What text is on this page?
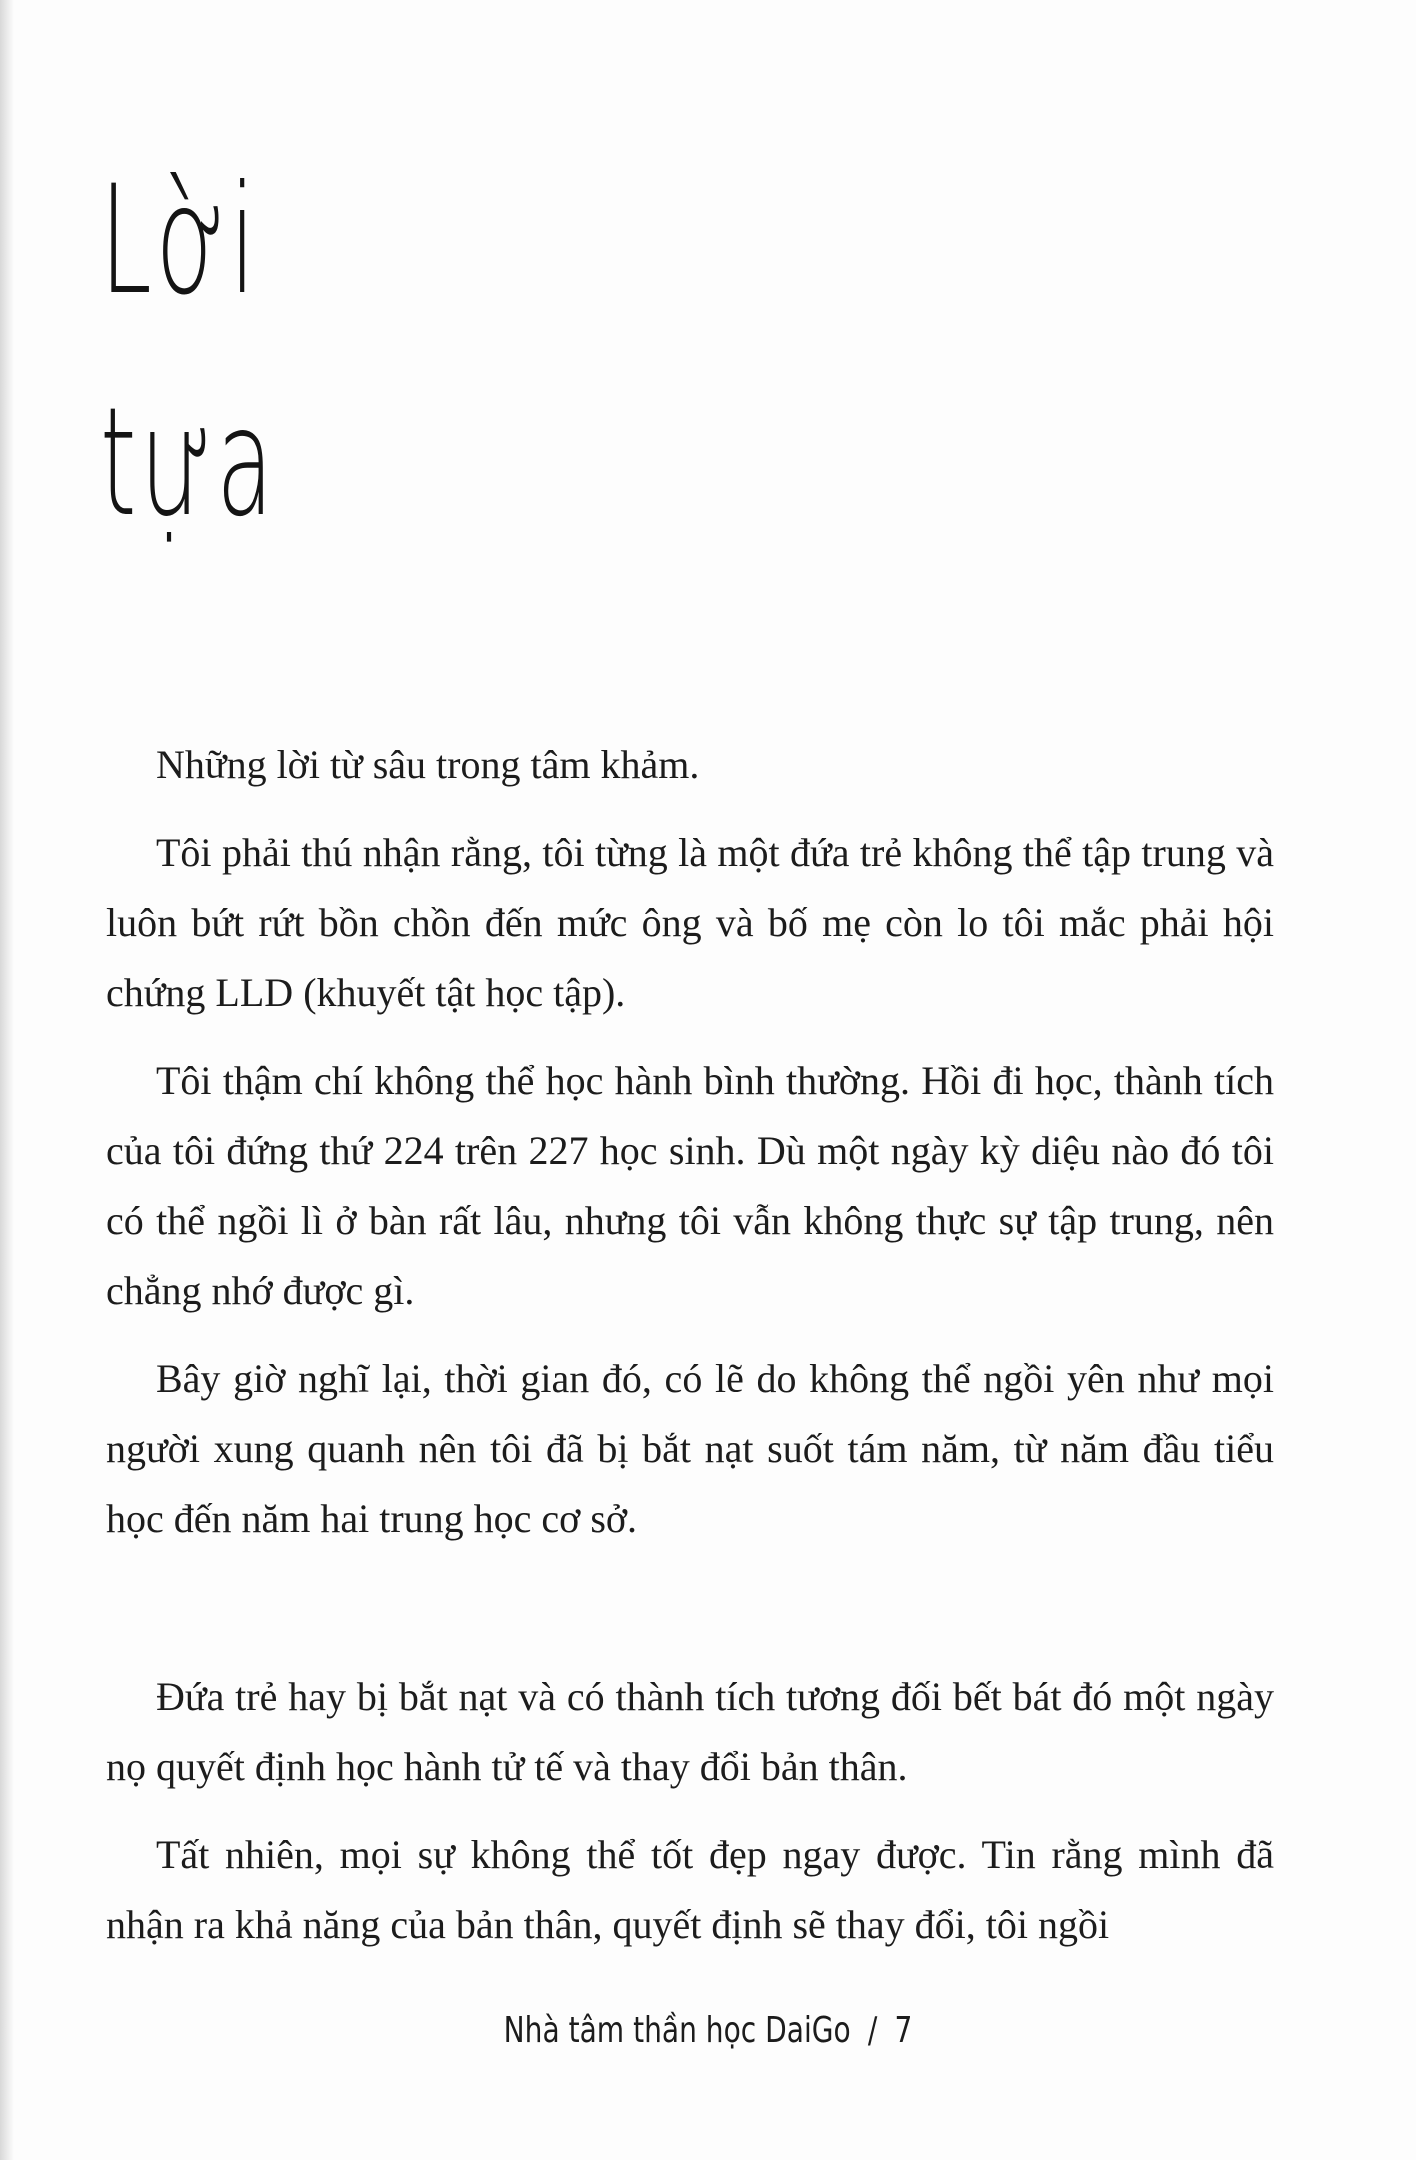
Lời
tựa

Những lời từ sâu trong tâm khảm.

Tôi phải thú nhận rằng, tôi từng là một đứa trẻ không thể tập trung và luôn bứt rứt bồn chồn đến mức ông và bố mẹ còn lo tôi mắc phải hội chứng LLD (khuyết tật học tập).

Tôi thậm chí không thể học hành bình thường. Hồi đi học, thành tích của tôi đứng thứ 224 trên 227 học sinh. Dù một ngày kỳ diệu nào đó tôi có thể ngồi lì ở bàn rất lâu, nhưng tôi vẫn không thực sự tập trung, nên chẳng nhớ được gì.

Bây giờ nghĩ lại, thời gian đó, có lẽ do không thể ngồi yên như mọi người xung quanh nên tôi đã bị bắt nạt suốt tám năm, từ năm đầu tiểu học đến năm hai trung học cơ sở.

Đứa trẻ hay bị bắt nạt và có thành tích tương đối bết bát đó một ngày nọ quyết định học hành tử tế và thay đổi bản thân.

Tất nhiên, mọi sự không thể tốt đẹp ngay được. Tin rằng mình đã nhận ra khả năng của bản thân, quyết định sẽ thay đổi, tôi ngồi

Nhà tâm thần học DaiGo / 7
